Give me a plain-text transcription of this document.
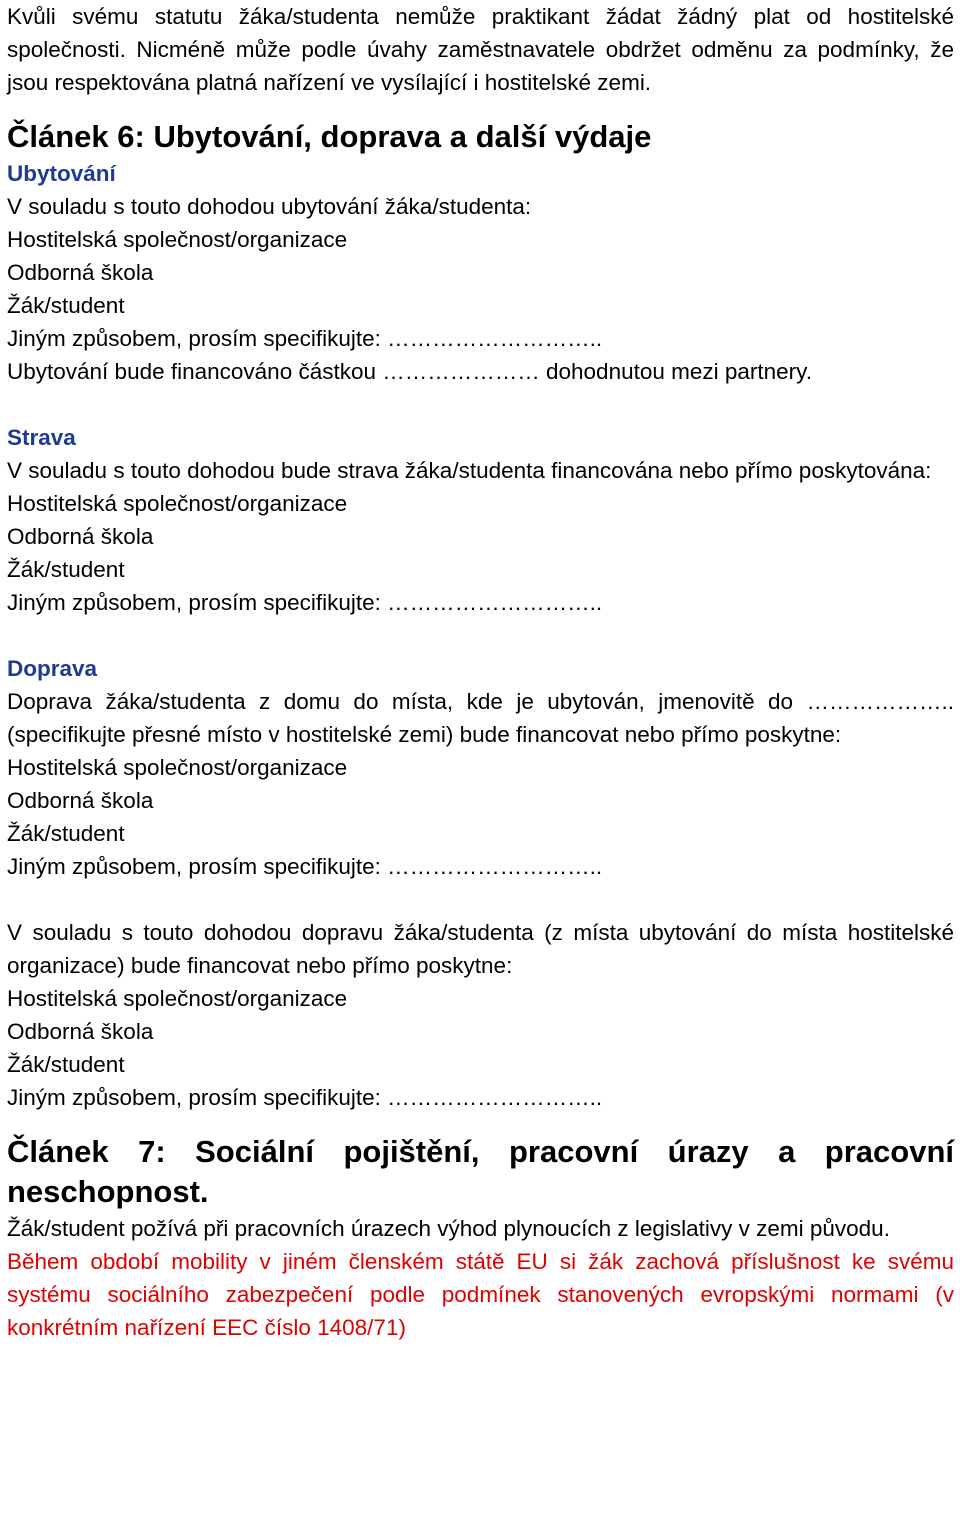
Kvůli svému statutu žáka/studenta nemůže praktikant žádat žádný plat od hostitelské společnosti. Nicméně může podle úvahy zaměstnavatele obdržet odměnu za podmínky, že jsou respektována platná nařízení ve vysílající i hostitelské zemi.

Článek 6: Ubytování, doprava a další výdaje
Ubytování

V souladu s touto dohodou ubytování žáka/studenta:

Hostitelská společnost/organizace

Odborná škola

Žák/student

Jiným způsobem, prosím specifikujte: ………………………..

Ubytování bude financováno částkou ………………… dohodnutou mezi partnery.

Strava

V souladu s touto dohodou bude strava žáka/studenta financována nebo přímo poskytována:

Hostitelská společnost/organizace

Odborná škola

Žák/student

Jiným způsobem, prosím specifikujte: ………………………..

Doprava

Doprava žáka/studenta z domu do místa, kde je ubytován, jmenovitě do ……………….. (specifikujte přesné místo v hostitelské zemi) bude financovat nebo přímo poskytne:

Hostitelská společnost/organizace

Odborná škola

Žák/student

Jiným způsobem, prosím specifikujte: ………………………..

V souladu s touto dohodou dopravu žáka/studenta (z místa ubytování do místa hostitelské organizace) bude financovat nebo přímo poskytne:

Hostitelská společnost/organizace

Odborná škola

Žák/student

Jiným způsobem, prosím specifikujte: ………………………..

Článek 7: Sociální pojištění, pracovní úrazy a pracovní neschopnost.

Žák/student požívá při pracovních úrazech výhod plynoucích z legislativy v zemi původu.

Během období mobility v jiném členském státě EU si žák zachová příslušnost ke svému systému sociálního zabezpečení podle podmínek stanovených evropskými normami (v konkrétním nařízení EEC číslo 1408/71)
